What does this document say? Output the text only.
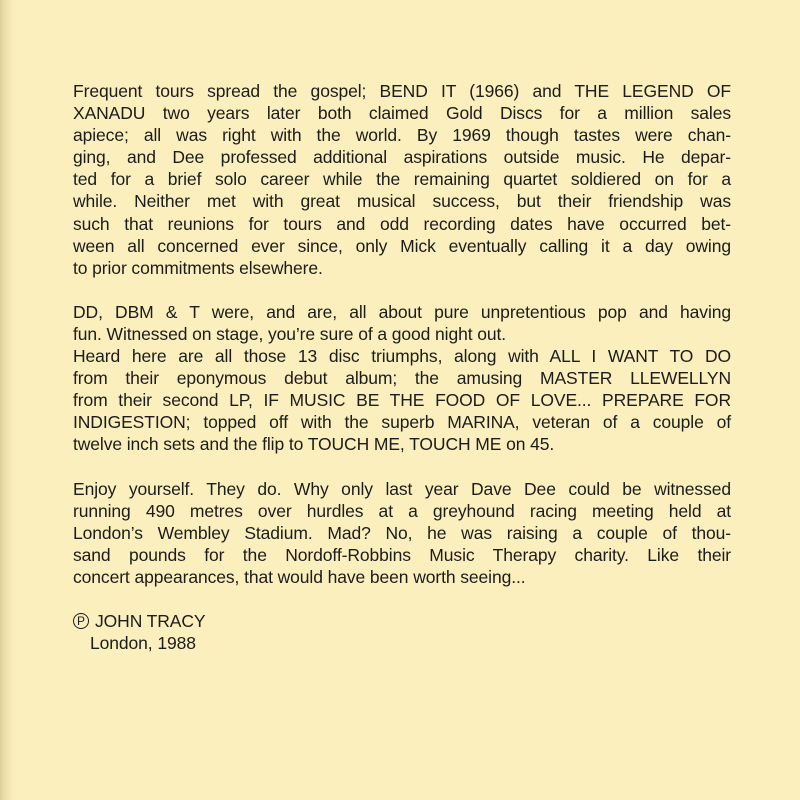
Frequent tours spread the gospel; BEND IT (1966) and THE LEGEND OF
XANADU two years later both claimed Gold Discs for a million sales
apiece; all was right with the world. By 1969 though tastes were chan-
ging, and Dee professed additional aspirations outside music. He depar-
ted for a brief solo career while the remaining quartet soldiered on for a
while. Neither met with great musical success, but their friendship was
such that reunions for tours and odd recording dates have occurred bet-
ween all concerned ever since, only Mick eventually calling it a day owing
to prior commitments elsewhere.

DD, DBM & T were, and are, all about pure unpretentious pop and having
fun. Witnessed on stage, you’re sure of a good night out.

Heard here are all those 13 disc triumphs, along with ALL I WANT TO DO
from their eponymous debut album; the amusing MASTER LLEWELLYN
from their second LP, IF MUSIC BE THE FOOD OF LOVE... PREPARE FOR
INDIGESTION; topped off with the superb MARINA, veteran of a couple of
twelve inch sets and the flip to TOUCH ME, TOUCH ME on 45.

Enjoy yourself. They do. Why only last year Dave Dee could be witnessed
running 490 metres over hurdles at a greyhound racing meeting held at
London’s Wembley Stadium. Mad? No, he was raising a couple of thou-
sand pounds for the Nordoff-Robbins Music Therapy charity. Like their
concert appearances, that would have been worth seeing...

P JOHN TRACY
London, 1988
